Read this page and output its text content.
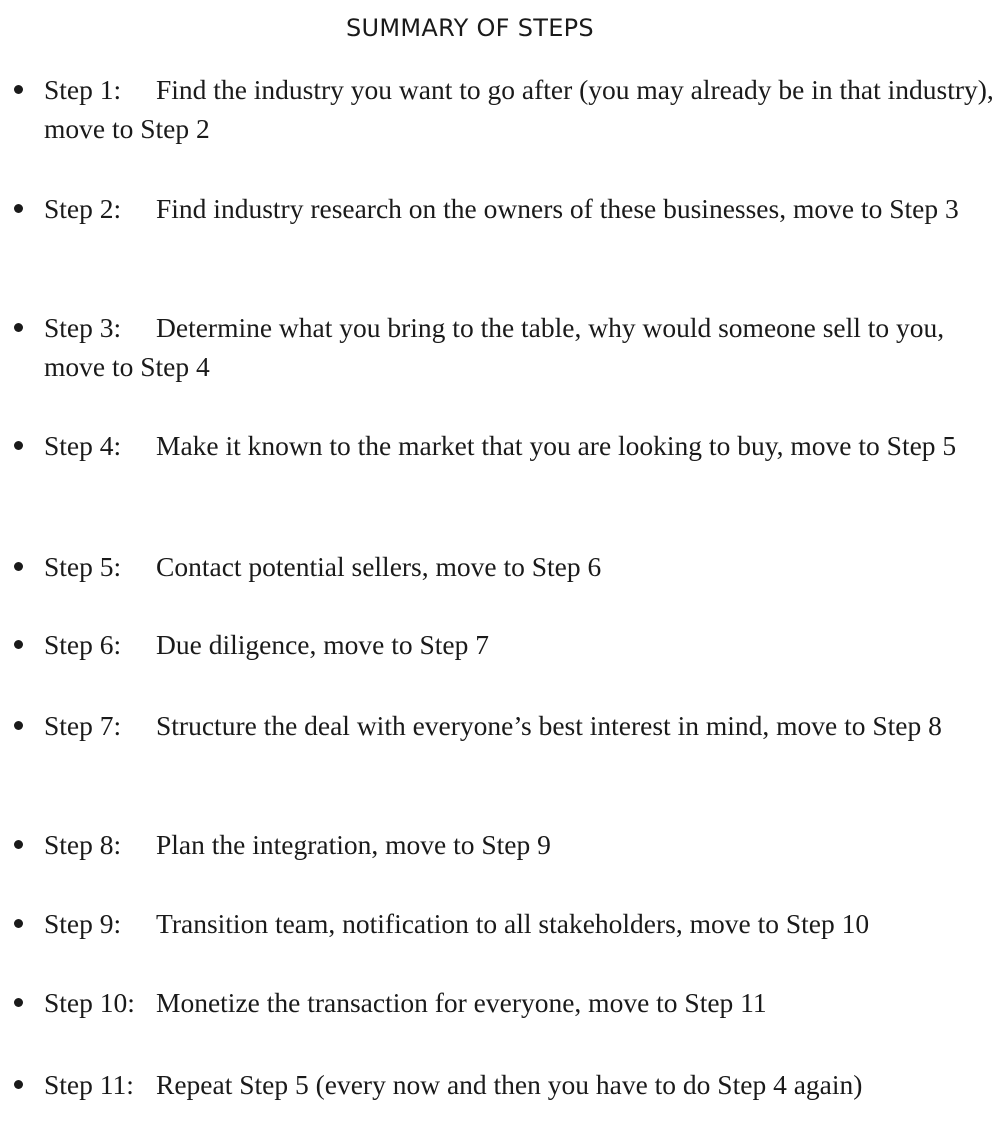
SUMMARY OF STEPS
Step 1:	Find the industry you want to go after (you may already be in that industry), move to Step 2
Step 2:	Find industry research on the owners of these businesses, move to Step 3
Step 3:	Determine what you bring to the table, why would someone sell to you, move to Step 4
Step 4:	Make it known to the market that you are looking to buy, move to Step 5
Step 5: Contact potential sellers, move to Step 6
Step 6: Due diligence, move to Step 7
Step 7:	Structure the deal with everyone’s best interest in mind, move to Step 8
Step 8: Plan the integration, move to Step 9
Step 9: Transition team, notification to all stakeholders, move to Step 10
Step 10: Monetize the transaction for everyone, move to Step 11
Step 11: Repeat Step 5 (every now and then you have to do Step 4 again)
